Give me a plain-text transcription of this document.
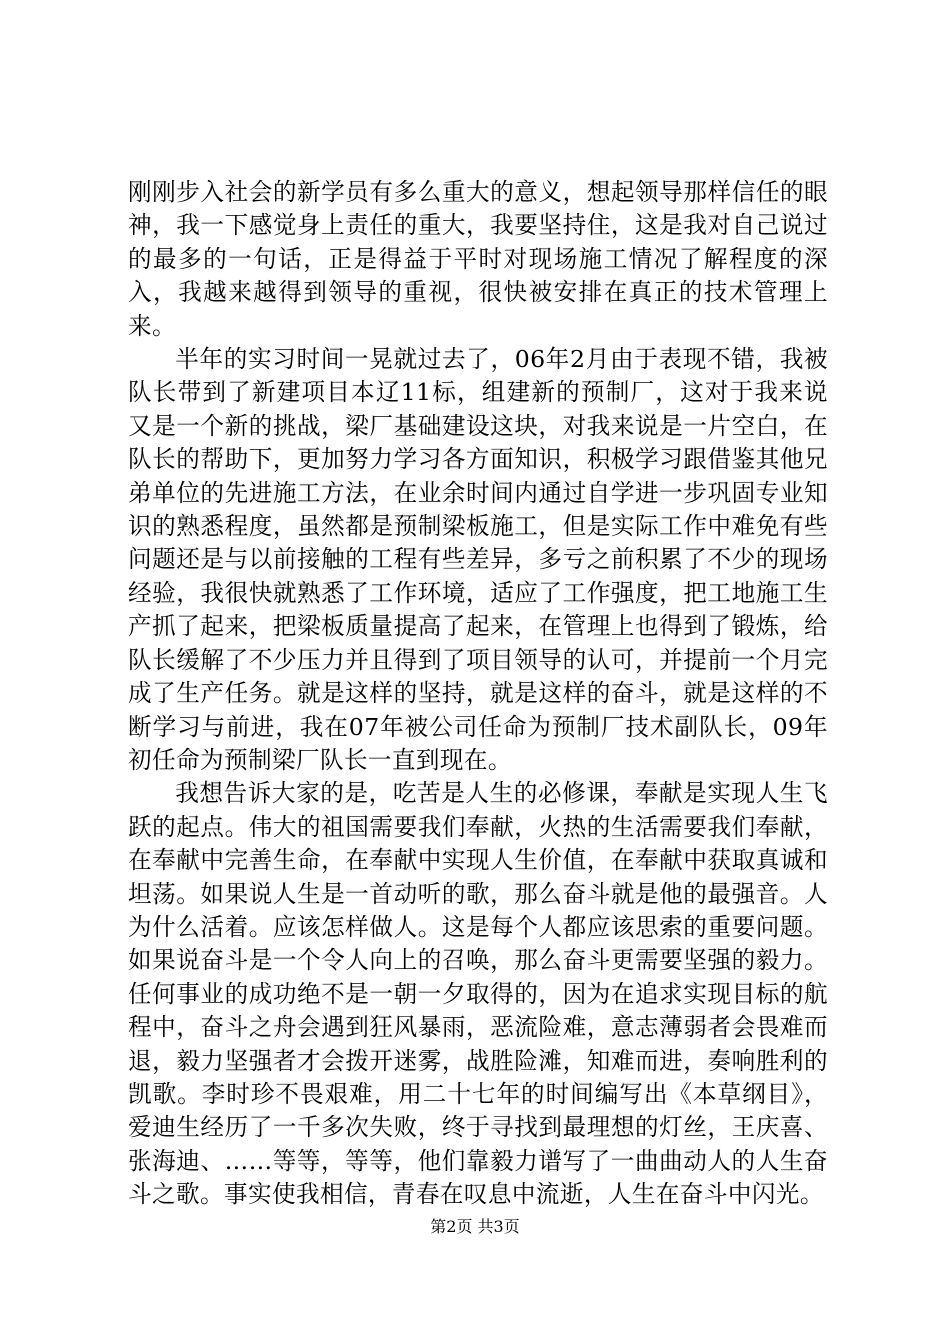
刚刚步入社会的新学员有多么重大的意义，想起领导那样信任的眼神，我一下感觉身上责任的重大，我要坚持住，这是我对自己说过的最多的一句话，正是得益于平时对现场施工情况了解程度的深入，我越来越得到领导的重视，很快被安排在真正的技术管理上来。

半年的实习时间一晃就过去了，06年2月由于表现不错，我被队长带到了新建项目本辽11标，组建新的预制厂，这对于我来说又是一个新的挑战，梁厂基础建设这块，对我来说是一片空白，在队长的帮助下，更加努力学习各方面知识，积极学习跟借鉴其他兄弟单位的先进施工方法，在业余时间内通过自学进一步巩固专业知识的熟悉程度，虽然都是预制梁板施工，但是实际工作中难免有些问题还是与以前接触的工程有些差异，多亏之前积累了不少的现场经验，我很快就熟悉了工作环境，适应了工作强度，把工地施工生产抓了起来，把梁板质量提高了起来，在管理上也得到了锻炼，给队长缓解了不少压力并且得到了项目领导的认可，并提前一个月完成了生产任务。就是这样的坚持，就是这样的奋斗，就是这样的不断学习与前进，我在07年被公司任命为预制厂技术副队长，09年初任命为预制梁厂队长一直到现在。

我想告诉大家的是，吃苦是人生的必修课，奉献是实现人生飞跃的起点。伟大的祖国需要我们奉献，火热的生活需要我们奉献，在奉献中完善生命，在奉献中实现人生价值，在奉献中获取真诚和坦荡。如果说人生是一首动听的歌，那么奋斗就是他的最强音。人为什么活着。应该怎样做人。这是每个人都应该思索的重要问题。如果说奋斗是一个令人向上的召唤，那么奋斗更需要坚强的毅力。任何事业的成功绝不是一朝一夕取得的，因为在追求实现目标的航程中，奋斗之舟会遇到狂风暴雨，恶流险难，意志薄弱者会畏难而退，毅力坚强者才会拨开迷雾，战胜险滩，知难而进，奏响胜利的凯歌。李时珍不畏艰难，用二十七年的时间编写出《本草纲目》，爱迪生经历了一千多次失败，终于寻找到最理想的灯丝，王庆喜、张海迪、……等等，等等，他们靠毅力谱写了一曲曲动人的人生奋斗之歌。事实使我相信，青春在叹息中流逝，人生在奋斗中闪光。

第2页 共3页
